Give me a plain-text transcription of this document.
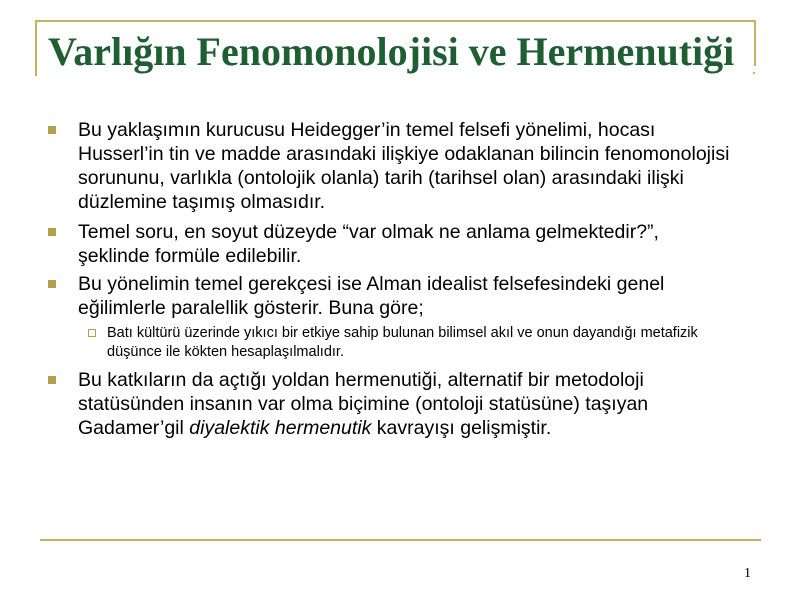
Varlığın Fenomonolojisi ve Hermenutiği
Bu yaklaşımın kurucusu Heidegger’in temel felsefi yönelimi, hocası
Husserl’in tin ve madde arasındaki ilişkiye odaklanan bilincin fenomonolojisi
sorununu, varlıkla (ontolojik olanla) tarih (tarihsel olan) arasındaki ilişki
düzlemine taşımış olmasıdır.
Temel soru, en soyut düzeyde “var olmak ne anlama gelmektedir?”,
şeklinde formüle edilebilir.
Bu yönelimin temel gerekçesi ise Alman idealist felsefesindeki genel
eğilimlerle paralellik gösterir. Buna göre;
Batı kültürü üzerinde yıkıcı bir etkiye sahip bulunan bilimsel akıl ve onun dayandığı metafizik
düşünce ile kökten hesaplaşılmalıdır.
Bu katkıların da açtığı yoldan hermenutiği, alternatif bir metodoloji
statüsünden insanın var olma biçimine (ontoloji statüsüne) taşıyan
Gadamer’gil diyalektik hermenutik kavrayışı gelişmiştir.
1
